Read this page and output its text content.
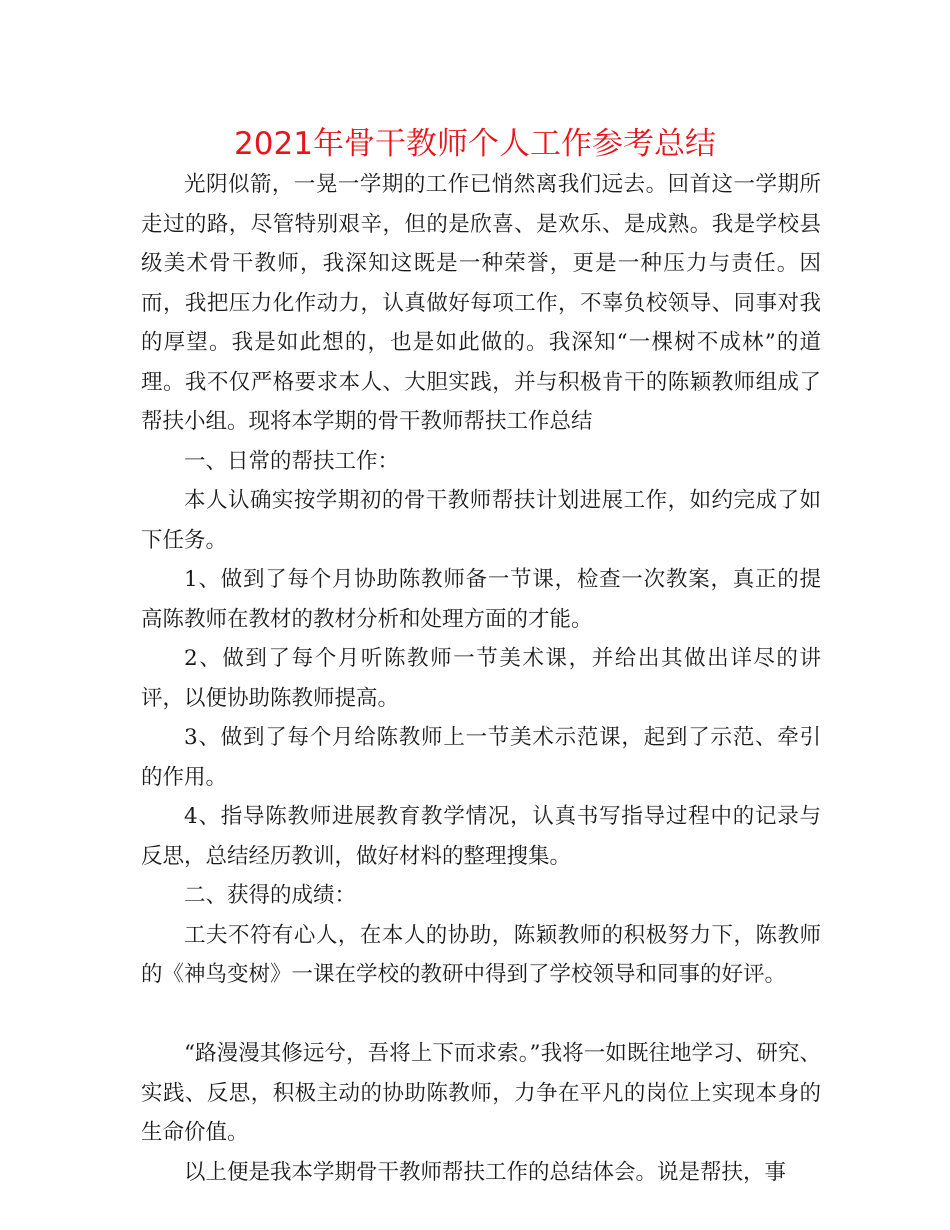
2021年骨干教师个人工作参考总结

光阴似箭，一晃一学期的工作已悄然离我们远去。回首这一学期所走过的路，尽管特别艰辛，但的是欣喜、是欢乐、是成熟。我是学校县级美术骨干教师，我深知这既是一种荣誉，更是一种压力与责任。因而，我把压力化作动力，认真做好每项工作，不辜负校领导、同事对我的厚望。我是如此想的，也是如此做的。我深知“一棵树不成林”的道理。我不仅严格要求本人、大胆实践，并与积极肯干的陈颖教师组成了帮扶小组。现将本学期的骨干教师帮扶工作总结

一、日常的帮扶工作：

本人认确实按学期初的骨干教师帮扶计划进展工作，如约完成了如下任务。

1、做到了每个月协助陈教师备一节课，检查一次教案，真正的提高陈教师在教材的教材分析和处理方面的才能。

2、做到了每个月听陈教师一节美术课，并给出其做出详尽的讲评，以便协助陈教师提高。

3、做到了每个月给陈教师上一节美术示范课，起到了示范、牵引的作用。

4、指导陈教师进展教育教学情况，认真书写指导过程中的记录与反思，总结经历教训，做好材料的整理搜集。

二、获得的成绩：

工夫不符有心人，在本人的协助，陈颖教师的积极努力下，陈教师的《神鸟变树》一课在学校的教研中得到了学校领导和同事的好评。

“路漫漫其修远兮，吾将上下而求索。”我将一如既往地学习、研究、实践、反思，积极主动的协助陈教师，力争在平凡的岗位上实现本身的生命价值。

以上便是我本学期骨干教师帮扶工作的总结体会。说是帮扶，事
